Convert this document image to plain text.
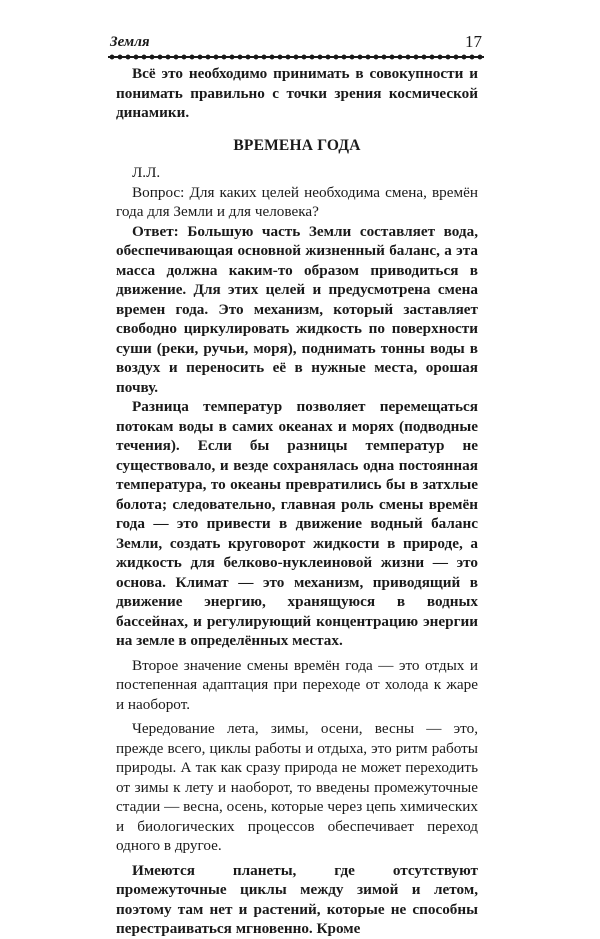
Земля	17

Всё это необходимо принимать в совокупности и понимать правильно с точки зрения космической динамики.

ВРЕМЕНА ГОДА

Л.Л.

Вопрос: Для каких целей необходима смена, времён года для Земли и для человека?

Ответ: Большую часть Земли составляет вода, обеспечивающая основной жизненный баланс, а эта масса должна каким-то образом приводиться в движение. Для этих целей и предусмотрена смена времен года. Это механизм, который заставляет свободно циркулировать жидкость по поверхности суши (реки, ручьи, моря), поднимать тонны воды в воздух и переносить её в нужные места, орошая почву.

Разница температур позволяет перемещаться потокам воды в самих океанах и морях (подводные течения). Если бы разницы температур не существовало, и везде сохранялась одна постоянная температура, то океаны превратились бы в затхлые болота; следовательно, главная роль смены времён года — это привести в движение водный баланс Земли, создать круговорот жидкости в природе, а жидкость для белково-нуклеиновой жизни — это основа. Климат — это механизм, приводящий в движение энергию, хранящуюся в водных бассейнах, и регулирующий концентрацию энергии на земле в определённых местах.

Второе значение смены времён года — это отдых и постепенная адаптация при переходе от холода к жаре и наоборот.

Чередование лета, зимы, осени, весны — это, прежде всего, циклы работы и отдыха, это ритм работы природы. А так как сразу природа не может переходить от зимы к лету и наоборот, то введены промежуточные стадии — весна, осень, которые через цепь химических и биологических процессов обеспечивает переход одного в другое.

Имеются планеты, где отсутствуют промежуточные циклы между зимой и летом, поэтому там нет и растений, которые не способны перестраиваться мгновенно. Кроме
